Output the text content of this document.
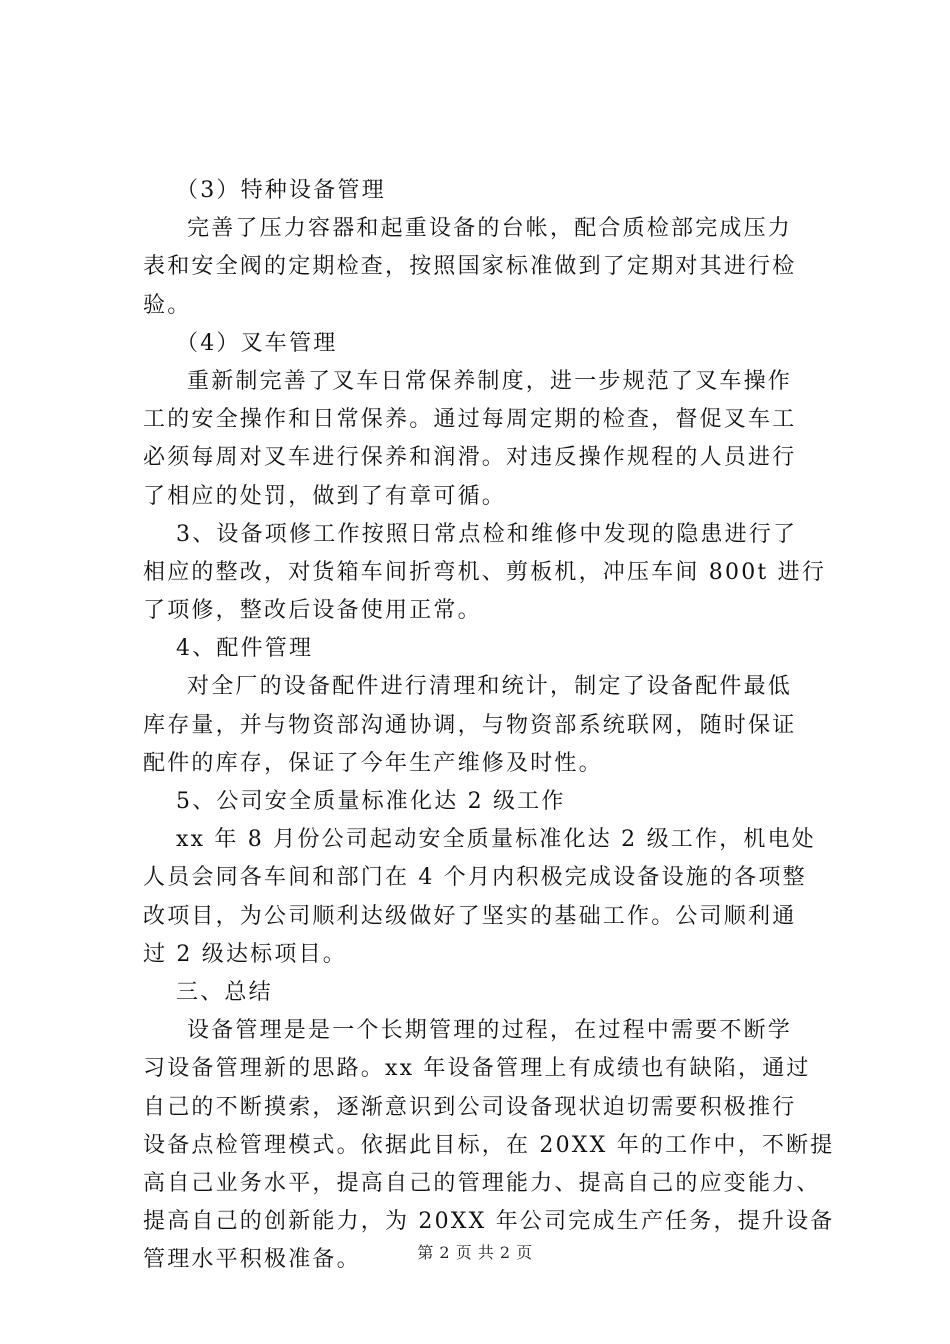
（3）特种设备管理
完善了压力容器和起重设备的台帐，配合质检部完成压力
表和安全阀的定期检查，按照国家标准做到了定期对其进行检
验。
（4）叉车管理
重新制完善了叉车日常保养制度，进一步规范了叉车操作
工的安全操作和日常保养。通过每周定期的检查，督促叉车工
必须每周对叉车进行保养和润滑。对违反操作规程的人员进行
了相应的处罚，做到了有章可循。
3、设备项修工作按照日常点检和维修中发现的隐患进行了
相应的整改，对货箱车间折弯机、剪板机，冲压车间 800t 进行
了项修，整改后设备使用正常。
4、配件管理
对全厂的设备配件进行清理和统计，制定了设备配件最低
库存量，并与物资部沟通协调，与物资部系统联网，随时保证
配件的库存，保证了今年生产维修及时性。
5、公司安全质量标准化达 2 级工作
xx 年 8 月份公司起动安全质量标准化达 2 级工作，机电处
人员会同各车间和部门在 4 个月内积极完成设备设施的各项整
改项目，为公司顺利达级做好了坚实的基础工作。公司顺利通
过 2 级达标项目。
三、总结
设备管理是是一个长期管理的过程，在过程中需要不断学
习设备管理新的思路。xx 年设备管理上有成绩也有缺陷，通过
自己的不断摸索，逐渐意识到公司设备现状迫切需要积极推行
设备点检管理模式。依据此目标，在 20XX 年的工作中，不断提
高自己业务水平，提高自己的管理能力、提高自己的应变能力、
提高自己的创新能力，为 20XX 年公司完成生产任务，提升设备
管理水平积极准备。	第 2 页 共 2 页
